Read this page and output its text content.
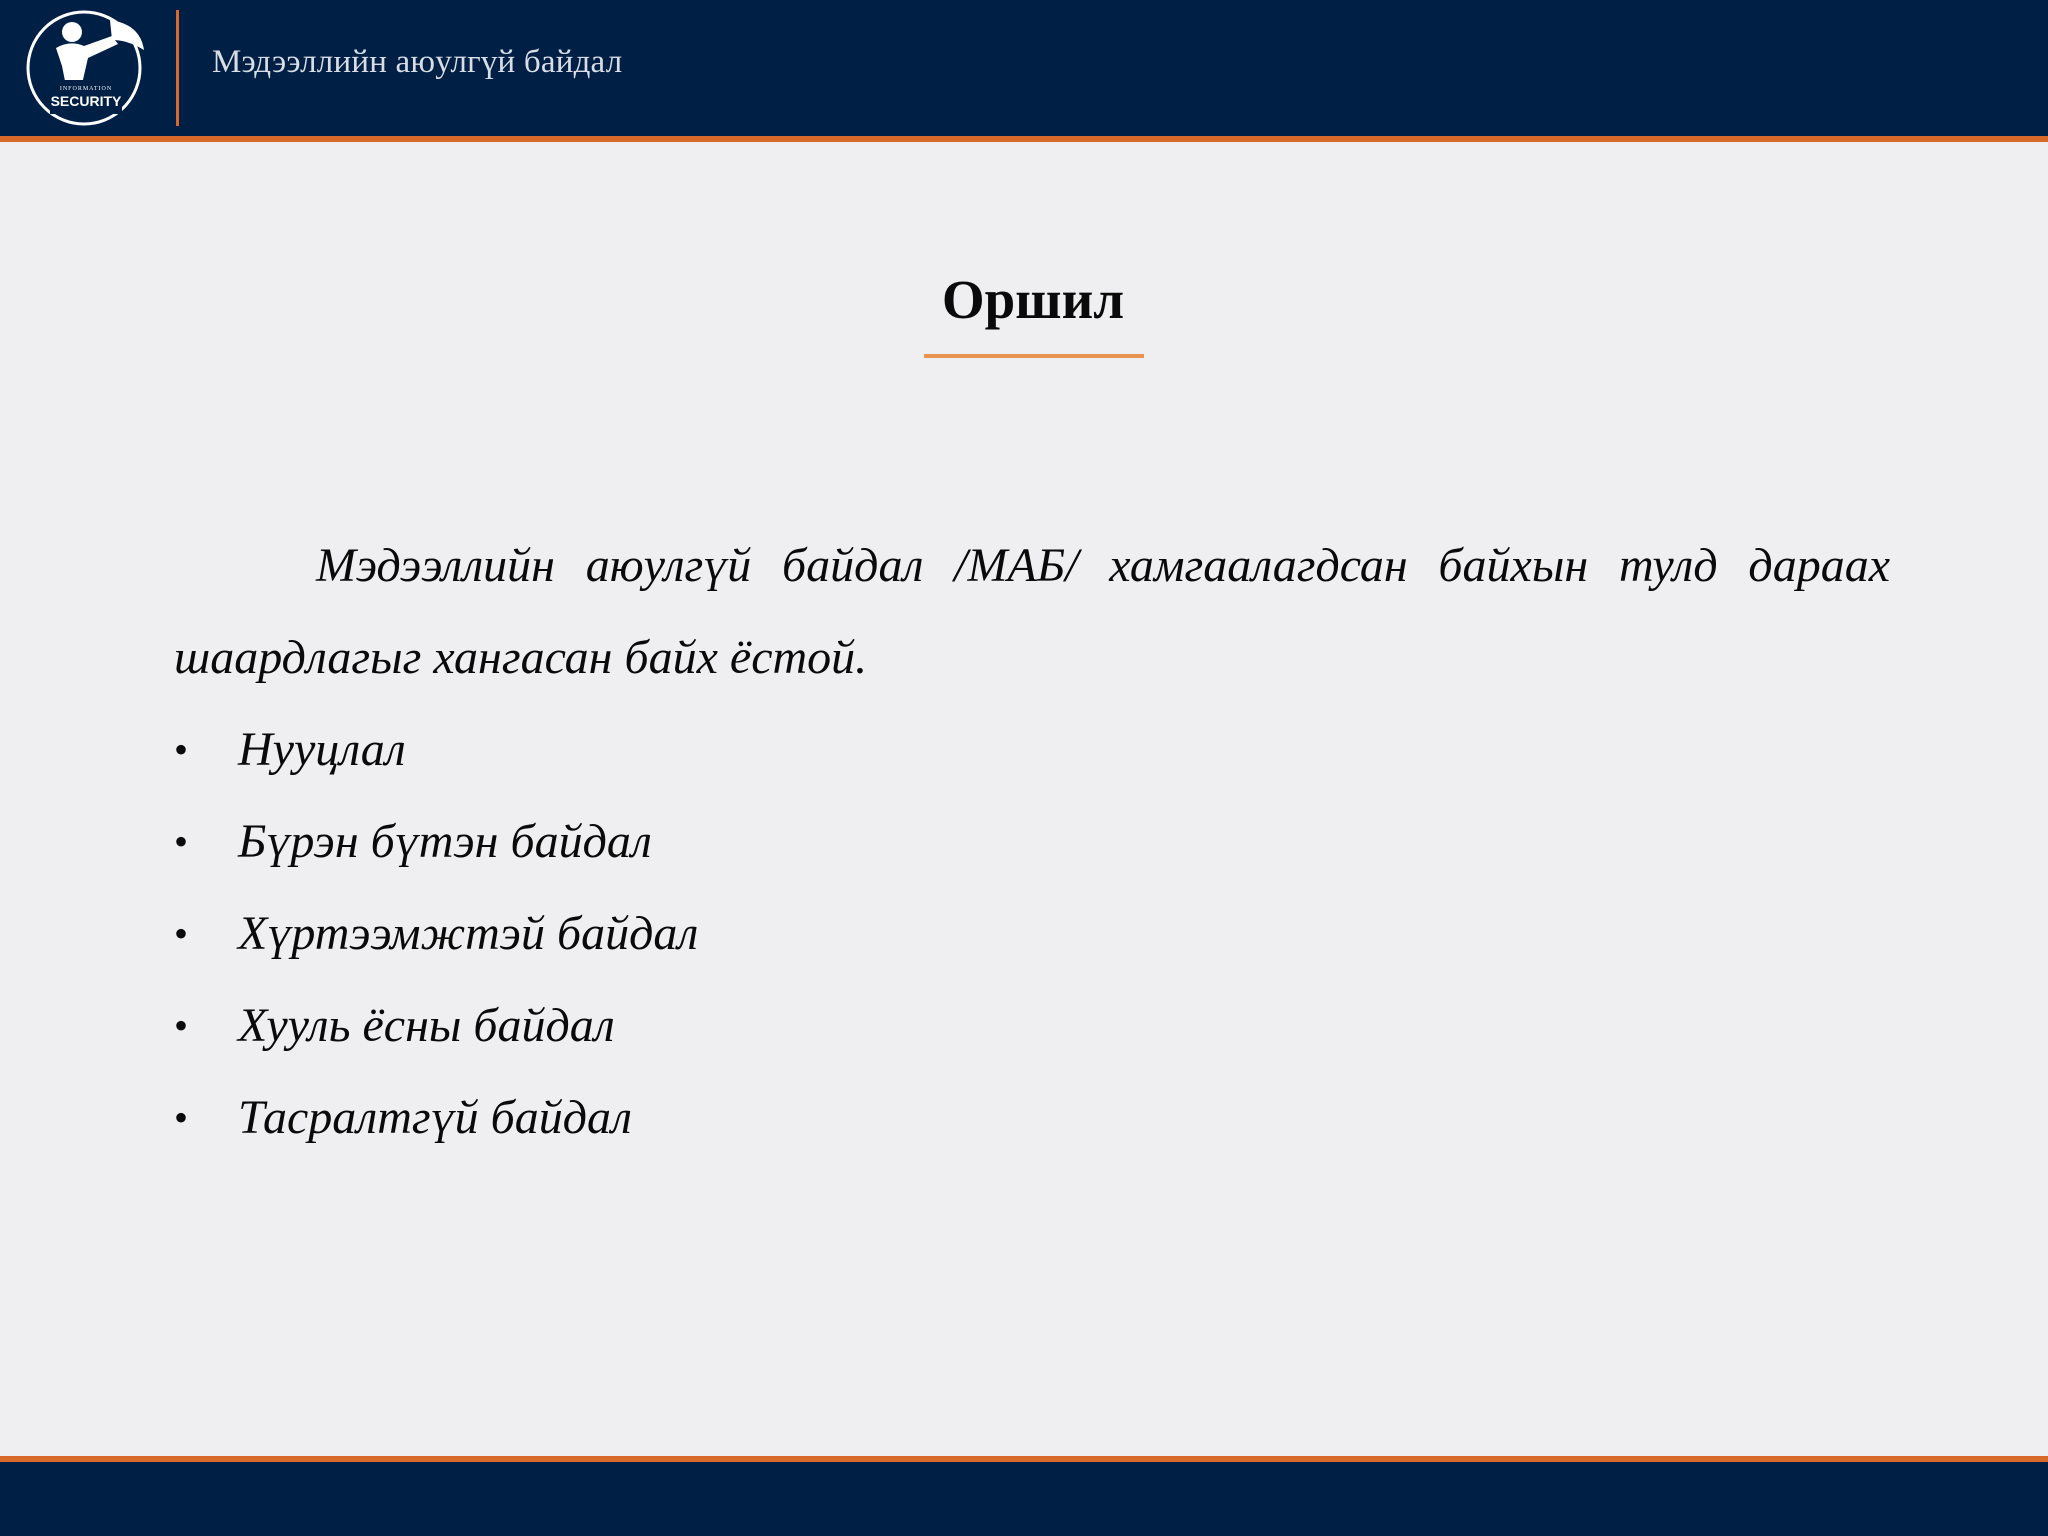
INFORMATION
SECURITY
Мэдээллийн аюулгүй байдал
Оршил

Мэдээллийн аюулгүй байдал /МАБ/ хамгаалагдсан байхын тулд дараах шаардлагыг хангасан байх ёстой.

• Нууцлал
• Бүрэн бүтэн байдал
• Хүртээмжтэй байдал
• Хууль ёсны байдал
• Тасралтгүй байдал
